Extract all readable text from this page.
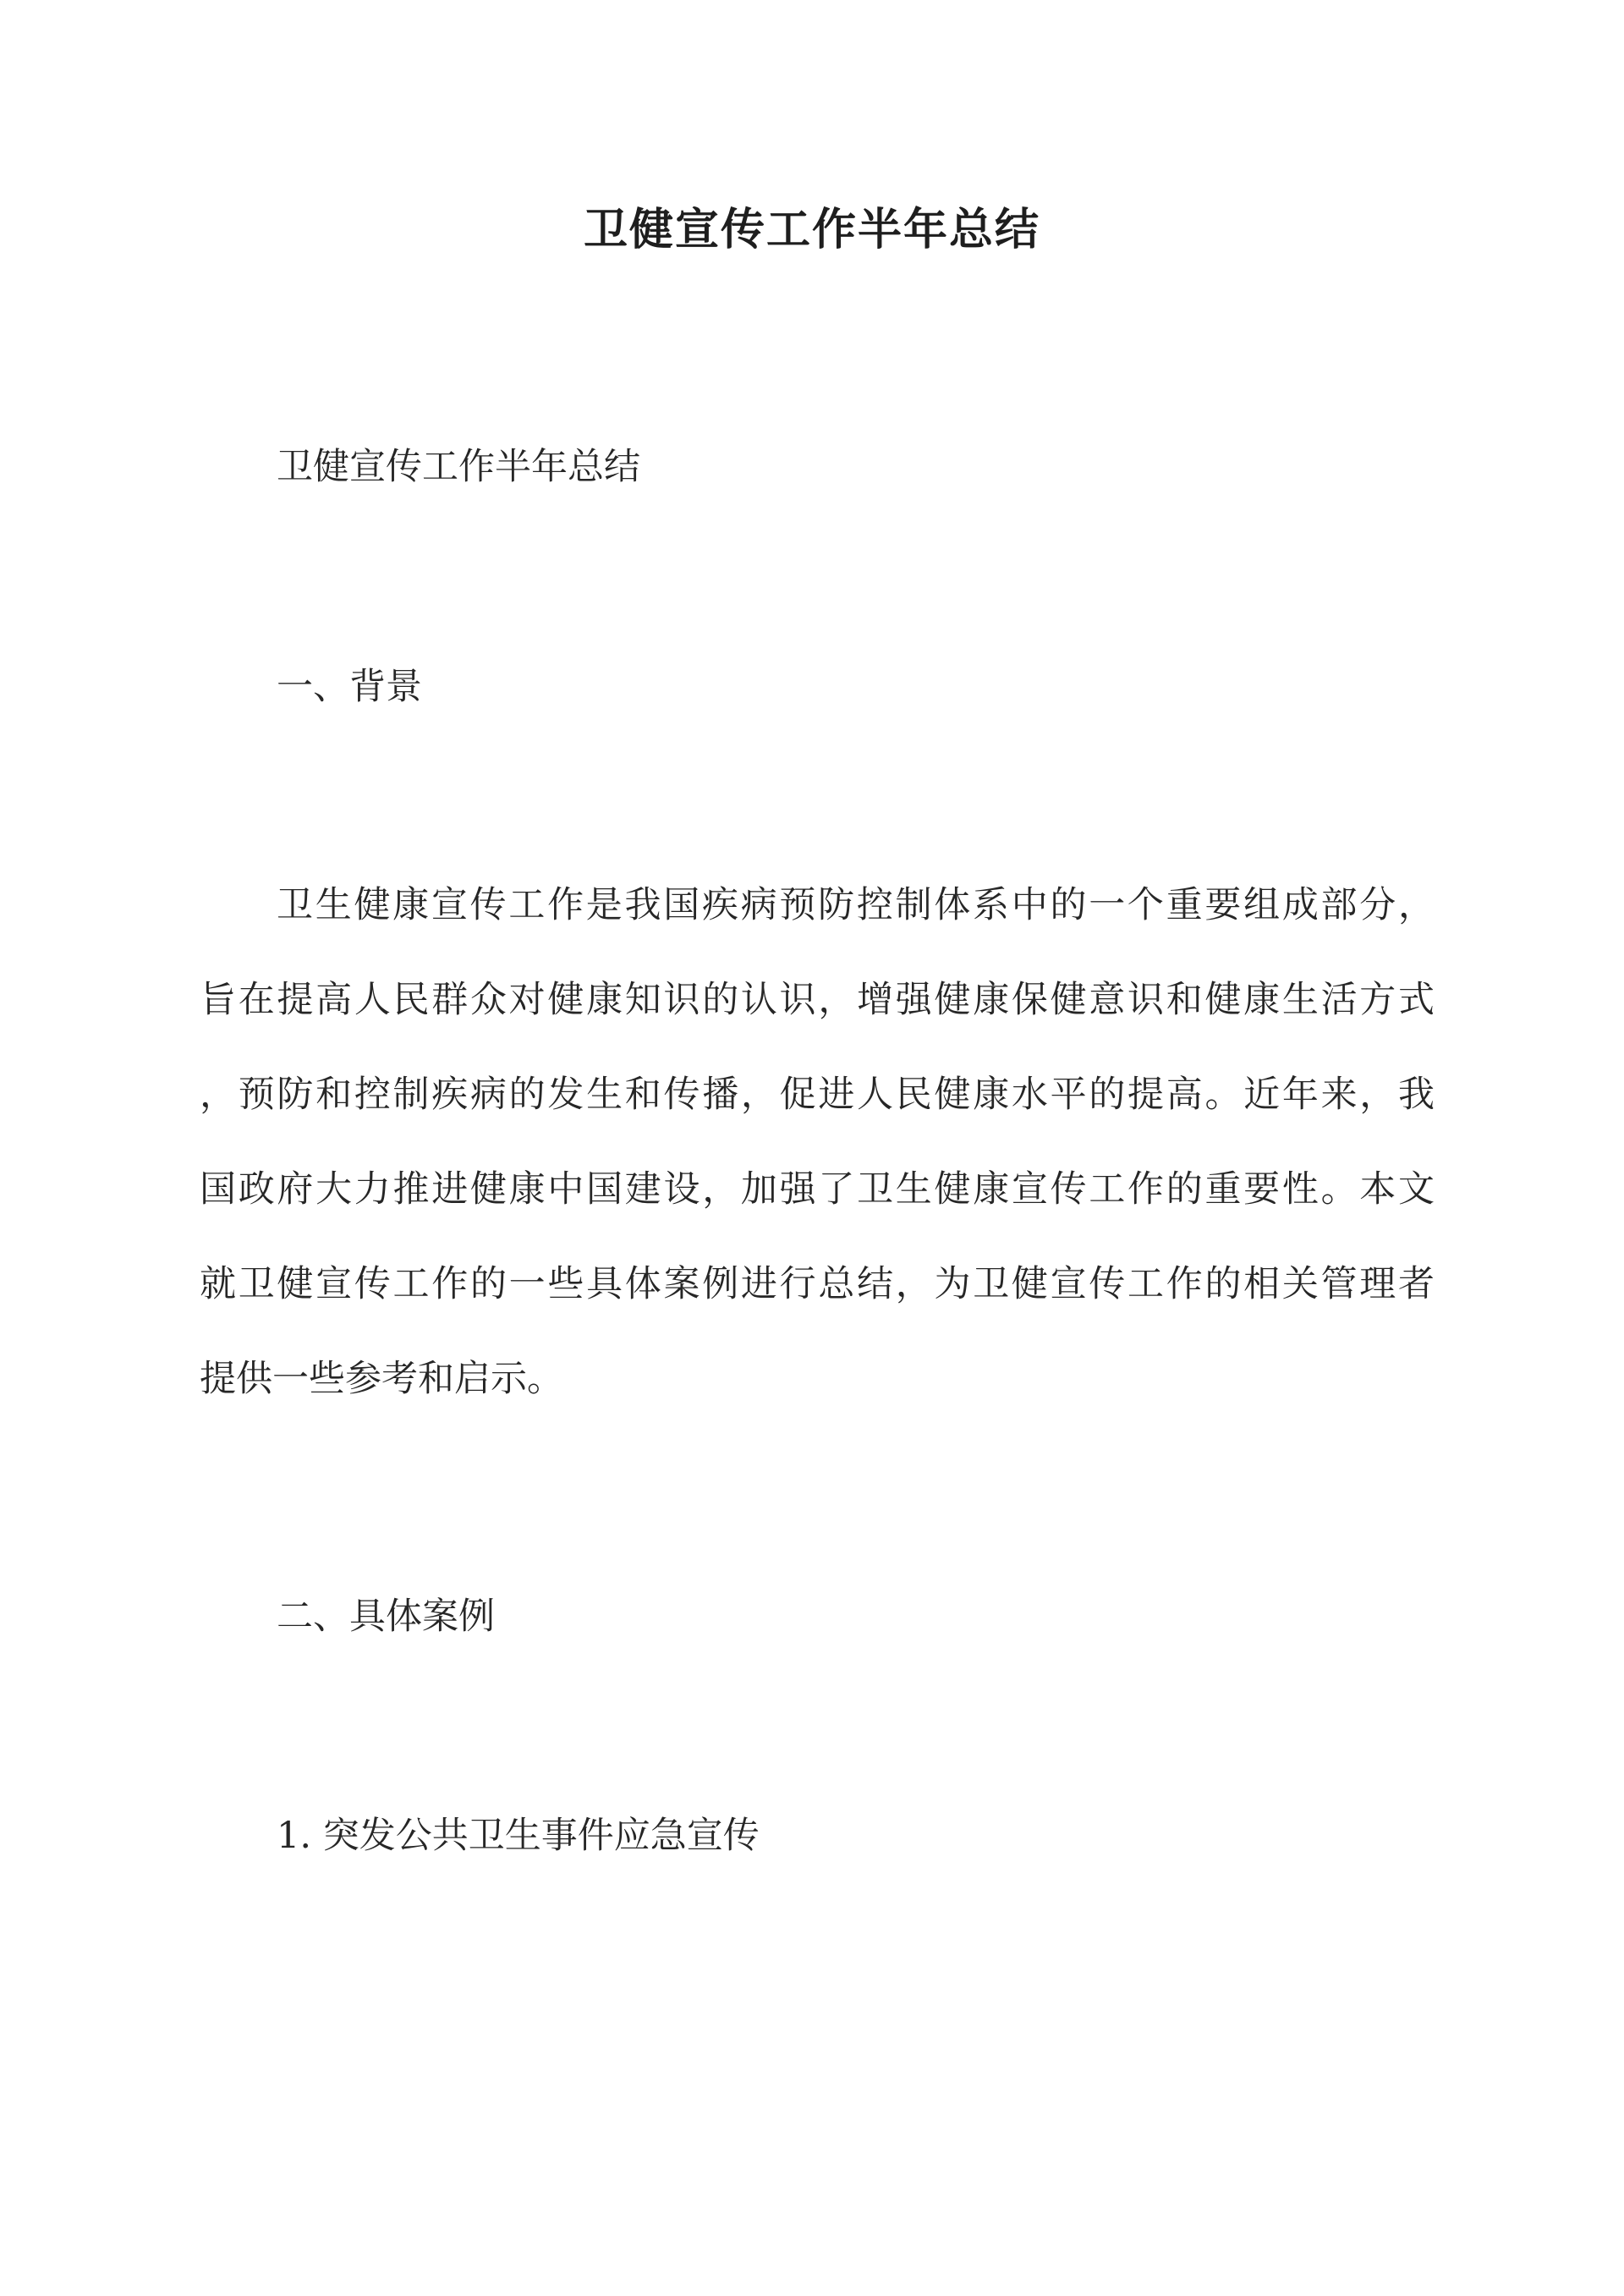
卫健宣传工作半年总结

卫健宣传工作半年总结

一、背景

卫生健康宣传工作是我国疾病预防控制体系中的一个重要组成部分，

旨在提高人民群众对健康知识的认识，增强健康保健意识和健康生活方式

，预防和控制疾病的发生和传播，促进人民健康水平的提高。近年来，我

国政府大力推进健康中国建设，加强了卫生健康宣传工作的重要性。本文

就卫健宣传工作的一些具体案例进行总结，为卫健宣传工作的相关管理者

提供一些参考和启示。

二、具体案例

1. 突发公共卫生事件应急宣传
